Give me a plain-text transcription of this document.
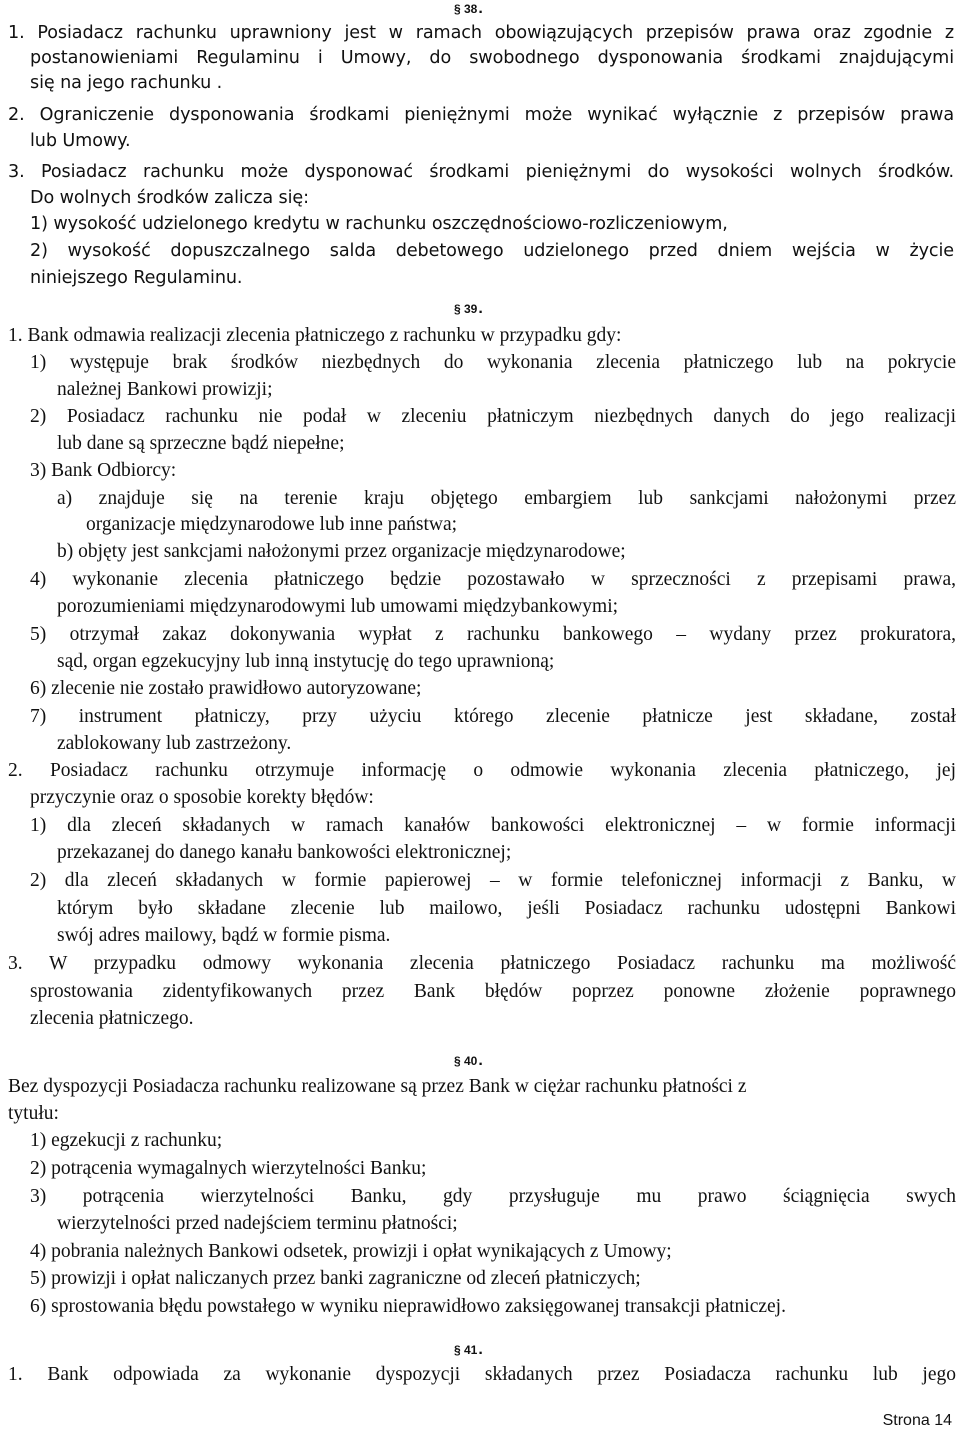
§ 38.
1. Posiadacz rachunku uprawniony jest w ramach obowiązujących przepisów prawa oraz zgodnie z
postanowieniami Regulaminu i Umowy, do swobodnego dysponowania środkami znajdującymi
się na jego rachunku .
2. Ograniczenie dysponowania środkami pieniężnymi może wynikać wyłącznie z przepisów prawa
lub Umowy.
3. Posiadacz rachunku może dysponować środkami pieniężnymi do wysokości wolnych środków.
Do wolnych środków zalicza się:
1) wysokość udzielonego kredytu w rachunku oszczędnościowo-rozliczeniowym,
2) wysokość dopuszczalnego salda debetowego udzielonego przed dniem wejścia w życie
niniejszego Regulaminu.
§ 39.
1. Bank odmawia realizacji zlecenia płatniczego z rachunku w przypadku gdy:
1) występuje brak środków niezbędnych do wykonania zlecenia płatniczego lub na pokrycie
należnej Bankowi prowizji;
2) Posiadacz rachunku nie podał w zleceniu płatniczym niezbędnych danych do jego realizacji
lub dane są sprzeczne bądź niepełne;
3) Bank Odbiorcy:
a) znajduje się na terenie kraju objętego embargiem lub sankcjami nałożonymi przez
organizacje międzynarodowe lub inne państwa;
b) objęty jest sankcjami nałożonymi przez organizacje międzynarodowe;
4) wykonanie zlecenia płatniczego będzie pozostawało w sprzeczności z przepisami prawa,
porozumieniami międzynarodowymi lub umowami międzybankowymi;
5) otrzymał zakaz dokonywania wypłat z rachunku bankowego – wydany przez prokuratora,
sąd, organ egzekucyjny lub inną instytucję do tego uprawnioną;
6) zlecenie nie zostało prawidłowo autoryzowane;
7) instrument płatniczy, przy użyciu którego zlecenie płatnicze jest składane, został
zablokowany lub zastrzeżony.
2. Posiadacz rachunku otrzymuje informację o odmowie wykonania zlecenia płatniczego, jej
przyczynie oraz o sposobie korekty błędów:
1) dla zleceń składanych w ramach kanałów bankowości elektronicznej – w formie informacji
przekazanej do danego kanału bankowości elektronicznej;
2) dla zleceń składanych w formie papierowej – w formie telefonicznej informacji z Banku, w
którym było składane zlecenie lub mailowo, jeśli Posiadacz rachunku udostępni Bankowi
swój adres mailowy, bądź w formie pisma.
3. W przypadku odmowy wykonania zlecenia płatniczego Posiadacz rachunku ma możliwość
sprostowania zidentyfikowanych przez Bank błędów poprzez ponowne złożenie poprawnego
zlecenia płatniczego.
§ 40.
Bez dyspozycji Posiadacza rachunku realizowane są przez Bank w ciężar rachunku płatności z
tytułu:
1) egzekucji z rachunku;
2) potrącenia wymagalnych wierzytelności Banku;
3) potrącenia wierzytelności Banku, gdy przysługuje mu prawo ściągnięcia swych
wierzytelności przed nadejściem terminu płatności;
4) pobrania należnych Bankowi odsetek, prowizji i opłat wynikających z Umowy;
5) prowizji i opłat naliczanych przez banki zagraniczne od zleceń płatniczych;
6) sprostowania błędu powstałego w wyniku nieprawidłowo zaksięgowanej transakcji płatniczej.
§ 41.
1. Bank odpowiada za wykonanie dyspozycji składanych przez Posiadacza rachunku lub jego
Strona 14
